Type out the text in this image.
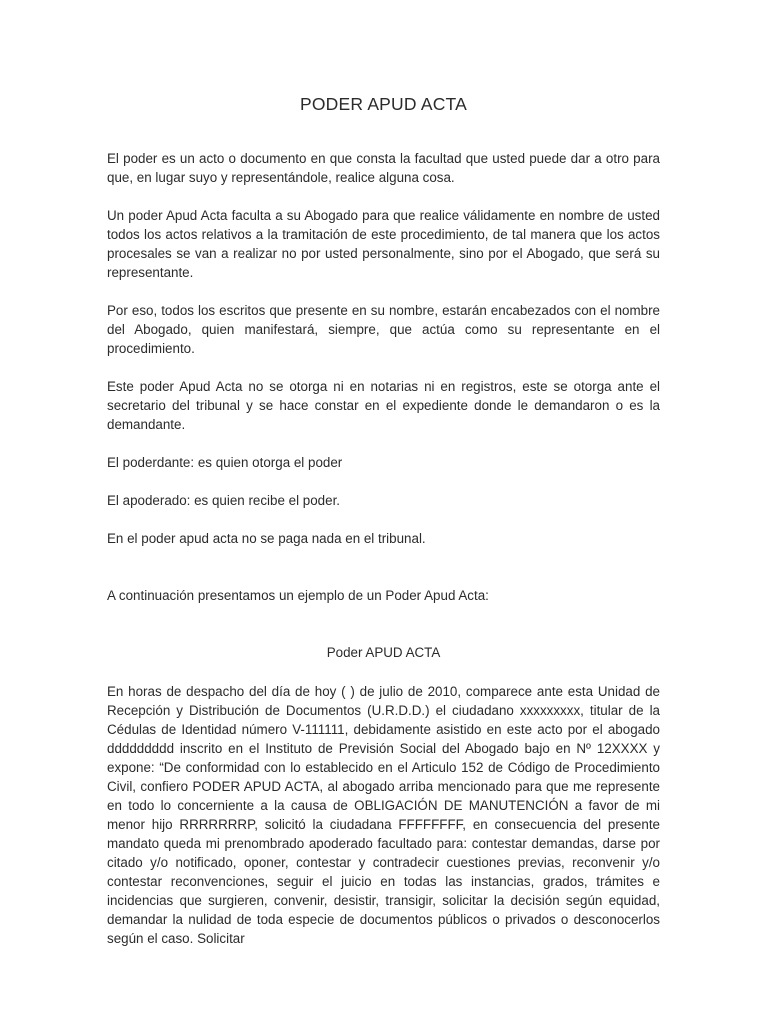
PODER APUD ACTA

El poder es un acto o documento en que consta la facultad que usted puede dar a otro para que, en lugar suyo y representándole, realice alguna cosa.

Un poder Apud Acta faculta a su Abogado para que realice válidamente en nombre de usted todos los actos relativos a la tramitación de este procedimiento, de tal manera que los actos procesales se van a realizar no por usted personalmente, sino por el Abogado, que será su representante.

Por eso, todos los escritos que presente en su nombre, estarán encabezados con el nombre del Abogado, quien manifestará, siempre, que actúa como su representante en el procedimiento.

Este poder Apud Acta no se otorga ni en notarias ni en registros, este se otorga ante el secretario del tribunal y se hace constar en el expediente donde le demandaron o es la demandante.

El poderdante: es quien otorga el poder

El apoderado: es quien recibe el poder.

En el poder apud acta no se paga nada en el tribunal.

A continuación presentamos un ejemplo de un Poder Apud Acta:

Poder APUD ACTA

En horas de despacho del día de hoy ( ) de julio de 2010, comparece ante esta Unidad de Recepción y Distribución de Documentos (U.R.D.D.) el ciudadano xxxxxxxxx, titular de la Cédulas de Identidad número V-111111, debidamente asistido en este acto por el abogado ddddddddd inscrito en el Instituto de Previsión Social del Abogado bajo en Nº 12XXXX y expone: “De conformidad con lo establecido en el Articulo 152 de Código de Procedimiento Civil, confiero PODER APUD ACTA, al abogado arriba mencionado para que me represente en todo lo concerniente a la causa de OBLIGACIÓN DE MANUTENCIÓN a favor de mi menor hijo RRRRRRRP, solicitó la ciudadana FFFFFFFF, en consecuencia del presente mandato queda mi prenombrado apoderado facultado para: contestar demandas, darse por citado y/o notificado, oponer, contestar y contradecir cuestiones previas, reconvenir y/o contestar reconvenciones, seguir el juicio en todas las instancias, grados, trámites e incidencias que surgieren, convenir, desistir, transigir, solicitar la decisión según equidad, demandar la nulidad de toda especie de documentos públicos o privados o desconocerlos según el caso. Solicitar
